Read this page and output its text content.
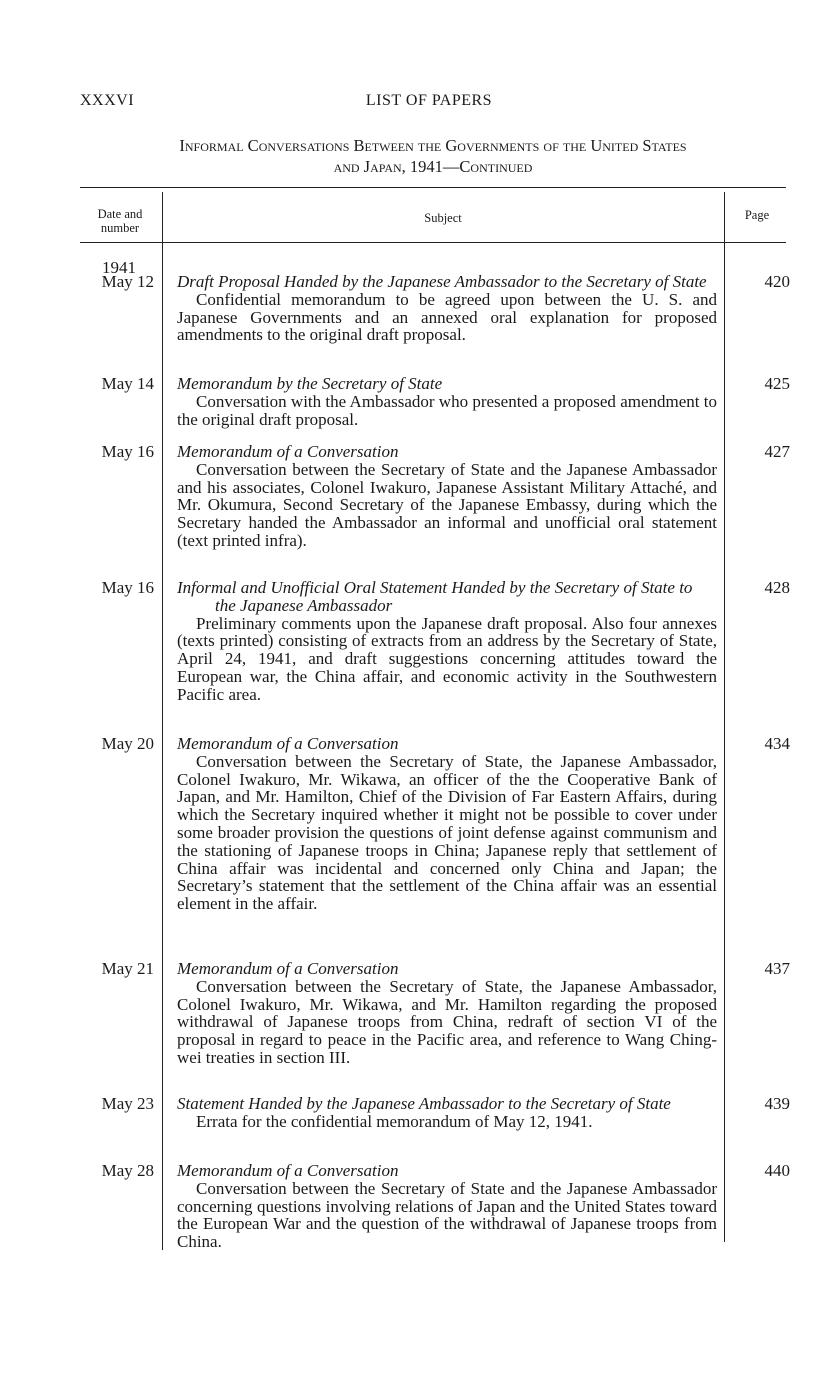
XXXVI	LIST OF PAPERS
Informal Conversations Between the Governments of the United States
and Japan, 1941—Continued
Date and number
Subject	Page
1941
May 12 Draft Proposal Handed by the Japanese Ambassador to the Secretary of State
Confidential memorandum to be agreed upon between the U. S. and Japanese Governments and an annexed oral explanation for proposed amendments to the original draft proposal.
420
May 14 Memorandum by the Secretary of State
Conversation with the Ambassador who presented a proposed amendment to the original draft proposal.
425
May 16 Memorandum of a Conversation
Conversation between the Secretary of State and the Japanese Ambassador and his associates, Colonel Iwakuro, Japanese Assistant Military Attaché, and Mr. Okumura, Second Secretary of the Japanese Embassy, during which the Secretary handed the Ambassador an informal and unofficial oral statement (text printed infra).
427
May 16 Informal and Unofficial Oral Statement Handed by the Secretary of State to the Japanese Ambassador
Preliminary comments upon the Japanese draft proposal. Also four annexes (texts printed) consisting of extracts from an address by the Secretary of State, April 24, 1941, and draft suggestions concerning attitudes toward the European war, the China affair, and economic activity in the Southwestern Pacific area.
428
May 20 Memorandum of a Conversation
Conversation between the Secretary of State, the Japanese Ambassador, Colonel Iwakuro, Mr. Wikawa, an officer of the the Cooperative Bank of Japan, and Mr. Hamilton, Chief of the Division of Far Eastern Affairs, during which the Secretary inquired whether it might not be possible to cover under some broader provision the questions of joint defense against communism and the stationing of Japanese troops in China; Japanese reply that settlement of China affair was incidental and concerned only China and Japan; the Secretary’s statement that the settlement of the China affair was an essential element in the affair.
434
May 21 Memorandum of a Conversation
Conversation between the Secretary of State, the Japanese Ambassador, Colonel Iwakuro, Mr. Wikawa, and Mr. Hamilton regarding the proposed withdrawal of Japanese troops from China, redraft of section VI of the proposal in regard to peace in the Pacific area, and reference to Wang Ching-wei treaties in section III.
437
May 23 Statement Handed by the Japanese Ambassador to the Secretary of State
Errata for the confidential memorandum of May 12, 1941.
439
May 28 Memorandum of a Conversation
Conversation between the Secretary of State and the Japanese Ambassador concerning questions involving relations of Japan and the United States toward the European War and the question of the withdrawal of Japanese troops from China.
440
